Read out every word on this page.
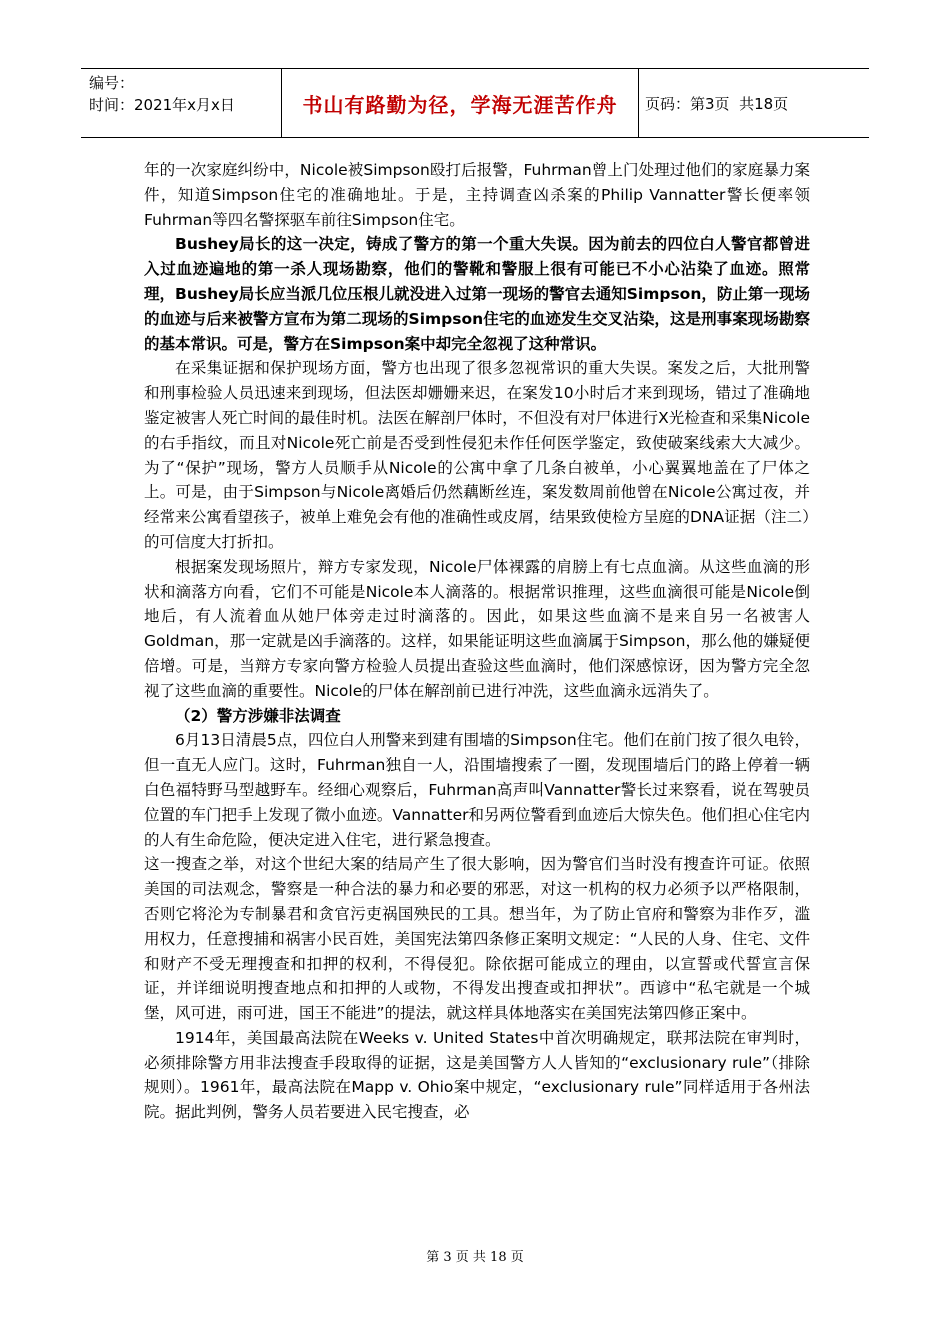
编号：
时间：2021年x月x日	书山有路勤为径，学海无涯苦作舟 页码：第3页  共18页

年的一次家庭纠纷中，Nicole被Simpson殴打后报警，Fuhrman曾上门处理过他们的家庭暴力案件，知道Simpson住宅的准确地址。于是，主持调查凶杀案的Philip Vannatter警长便率领Fuhrman等四名警探驱车前往Simpson住宅。

Bushey局长的这一决定，铸成了警方的第一个重大失误。因为前去的四位白人警官都曾进入过血迹遍地的第一杀人现场勘察，他们的警靴和警服上很有可能已不小心沾染了血迹。照常理，Bushey局长应当派几位压根儿就没进入过第一现场的警官去通知Simpson，防止第一现场的血迹与后来被警方宣布为第二现场的Simpson住宅的血迹发生交叉沾染，这是刑事案现场勘察的基本常识。可是，警方在Simpson案中却完全忽视了这种常识。

在采集证据和保护现场方面，警方也出现了很多忽视常识的重大失误。案发之后，大批刑警和刑事检验人员迅速来到现场，但法医却姗姗来迟，在案发10小时后才来到现场，错过了准确地鉴定被害人死亡时间的最佳时机。法医在解剖尸体时，不但没有对尸体进行X光检查和采集Nicole的右手指纹，而且对Nicole死亡前是否受到性侵犯未作任何医学鉴定，致使破案线索大大减少。为了“保护”现场，警方人员顺手从Nicole的公寓中拿了几条白被单，小心翼翼地盖在了尸体之上。可是，由于Simpson与Nicole离婚后仍然藕断丝连，案发数周前他曾在Nicole公寓过夜，并经常来公寓看望孩子，被单上难免会有他的准确性或皮屑，结果致使检方呈庭的DNA证据（注二）的可信度大打折扣。

根据案发现场照片，辩方专家发现，Nicole尸体裸露的肩膀上有七点血滴。从这些血滴的形状和滴落方向看，它们不可能是Nicole本人滴落的。根据常识推理，这些血滴很可能是Nicole倒地后，有人流着血从她尸体旁走过时滴落的。因此，如果这些血滴不是来自另一名被害人Goldman，那一定就是凶手滴落的。这样，如果能证明这些血滴属于Simpson，那么他的嫌疑便倍增。可是，当辩方专家向警方检验人员提出查验这些血滴时，他们深感惊讶，因为警方完全忽视了这些血滴的重要性。Nicole的尸体在解剖前已进行冲洗，这些血滴永远消失了。

（2）警方涉嫌非法调查

6月13日清晨5点，四位白人刑警来到建有围墙的Simpson住宅。他们在前门按了很久电铃，但一直无人应门。这时，Fuhrman独自一人，沿围墙搜索了一圈，发现围墙后门的路上停着一辆白色福特野马型越野车。经细心观察后，Fuhrman高声叫Vannatter警长过来察看，说在驾驶员位置的车门把手上发现了微小血迹。Vannatter和另两位警看到血迹后大惊失色。他们担心住宅内的人有生命危险，便决定进入住宅，进行紧急搜查。

这一搜查之举，对这个世纪大案的结局产生了很大影响，因为警官们当时没有搜查许可证。依照美国的司法观念，警察是一种合法的暴力和必要的邪恶，对这一机构的权力必须予以严格限制，否则它将沦为专制暴君和贪官污吏祸国殃民的工具。想当年，为了防止官府和警察为非作歹，滥用权力，任意搜捕和祸害小民百姓，美国宪法第四条修正案明文规定：“人民的人身、住宅、文件和财产不受无理搜查和扣押的权利，不得侵犯。除依据可能成立的理由，以宣誓或代誓宣言保证，并详细说明搜查地点和扣押的人或物，不得发出搜查或扣押状”。西谚中“私宅就是一个城堡，风可进，雨可进，国王不能进”的提法，就这样具体地落实在美国宪法第四修正案中。

1914年，美国最高法院在Weeks v. United States中首次明确规定，联邦法院在审判时，必须排除警方用非法搜查手段取得的证据，这是美国警方人人皆知的“exclusionary rule”（排除规则）。1961年，最高法院在Mapp v. Ohio案中规定，“exclusionary rule”同样适用于各州法院。据此判例，警务人员若要进入民宅搜查，必

第 3 页 共 18 页
